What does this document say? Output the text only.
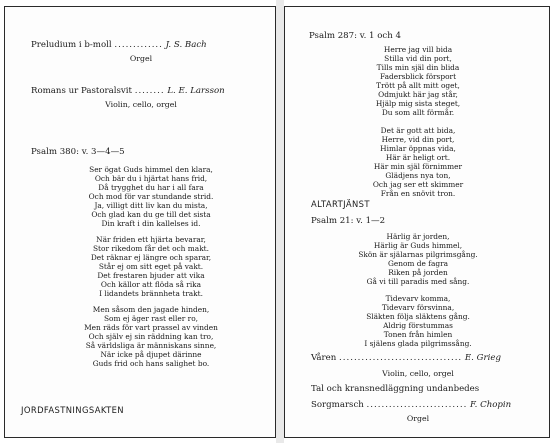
Preludium i b-moll ............. J. S. Bach
Orgel
Romans ur Pastoralsvit ........ L. E. Larsson
Violin, cello, orgel
Psalm 380: v. 3—4—5
Ser ögat Guds himmel den klara,
Och bär du i hjärtat hans frid,
Då trygghet du har i all fara
Och mod för var stundande strid.
Ja, villigt ditt liv kan du mista,
Och glad kan du ge till det sista
Din kraft i din kallelses id.
När friden ett hjärta bevarar,
Stor rikedom får det och makt.
Det räknar ej längre och sparar,
Står ej om sitt eget på vakt.
Det frestaren bjuder att vika
Och källor att flöda så rika
I lidandets brännheta trakt.
Men såsom den jagade hinden,
Som ej äger rast eller ro,
Men räds för vart prassel av vinden
Och själv ej sin räddning kan tro,
Så världsliga är människans sinne,
När icke på djupet därinne
Guds frid och hans salighet bo.
JORDFASTNINGSAKTEN
Psalm 287: v. 1 och 4
Herre jag vill bida
Stilla vid din port,
Tills min själ din blida
Fadersblick försport
Trött på allt mitt oget,
Odmjukt här jag står,
Hjälp mig sista steget,
Du som allt förmår.
Det är gott att bida,
Herre, vid din port,
Himlar öppnas vida,
Här är heligt ort.
Här min själ förnimmer
Glädjens nya ton,
Och jag ser ett skimmer
Från en snövit tron.
ALTARTJÄNST
Psalm 21: v. 1—2
Härlig är jorden,
Härlig är Guds himmel,
Skön är själarnas pilgrimsgång.
Genom de fagra
Riken på jorden
Gå vi till paradis med sång.
Tidevarv komma,
Tidevarv försvinna,
Släkten följa släktens gång.
Aldrig förstummas
Tonen från himlen
I själens glada pilgrimssång.
Våren ................................. E. Grieg
Violin, cello, orgel
Tal och kransnedläggning undanbedes
Sorgmarsch ........................... F. Chopin
Orgel
